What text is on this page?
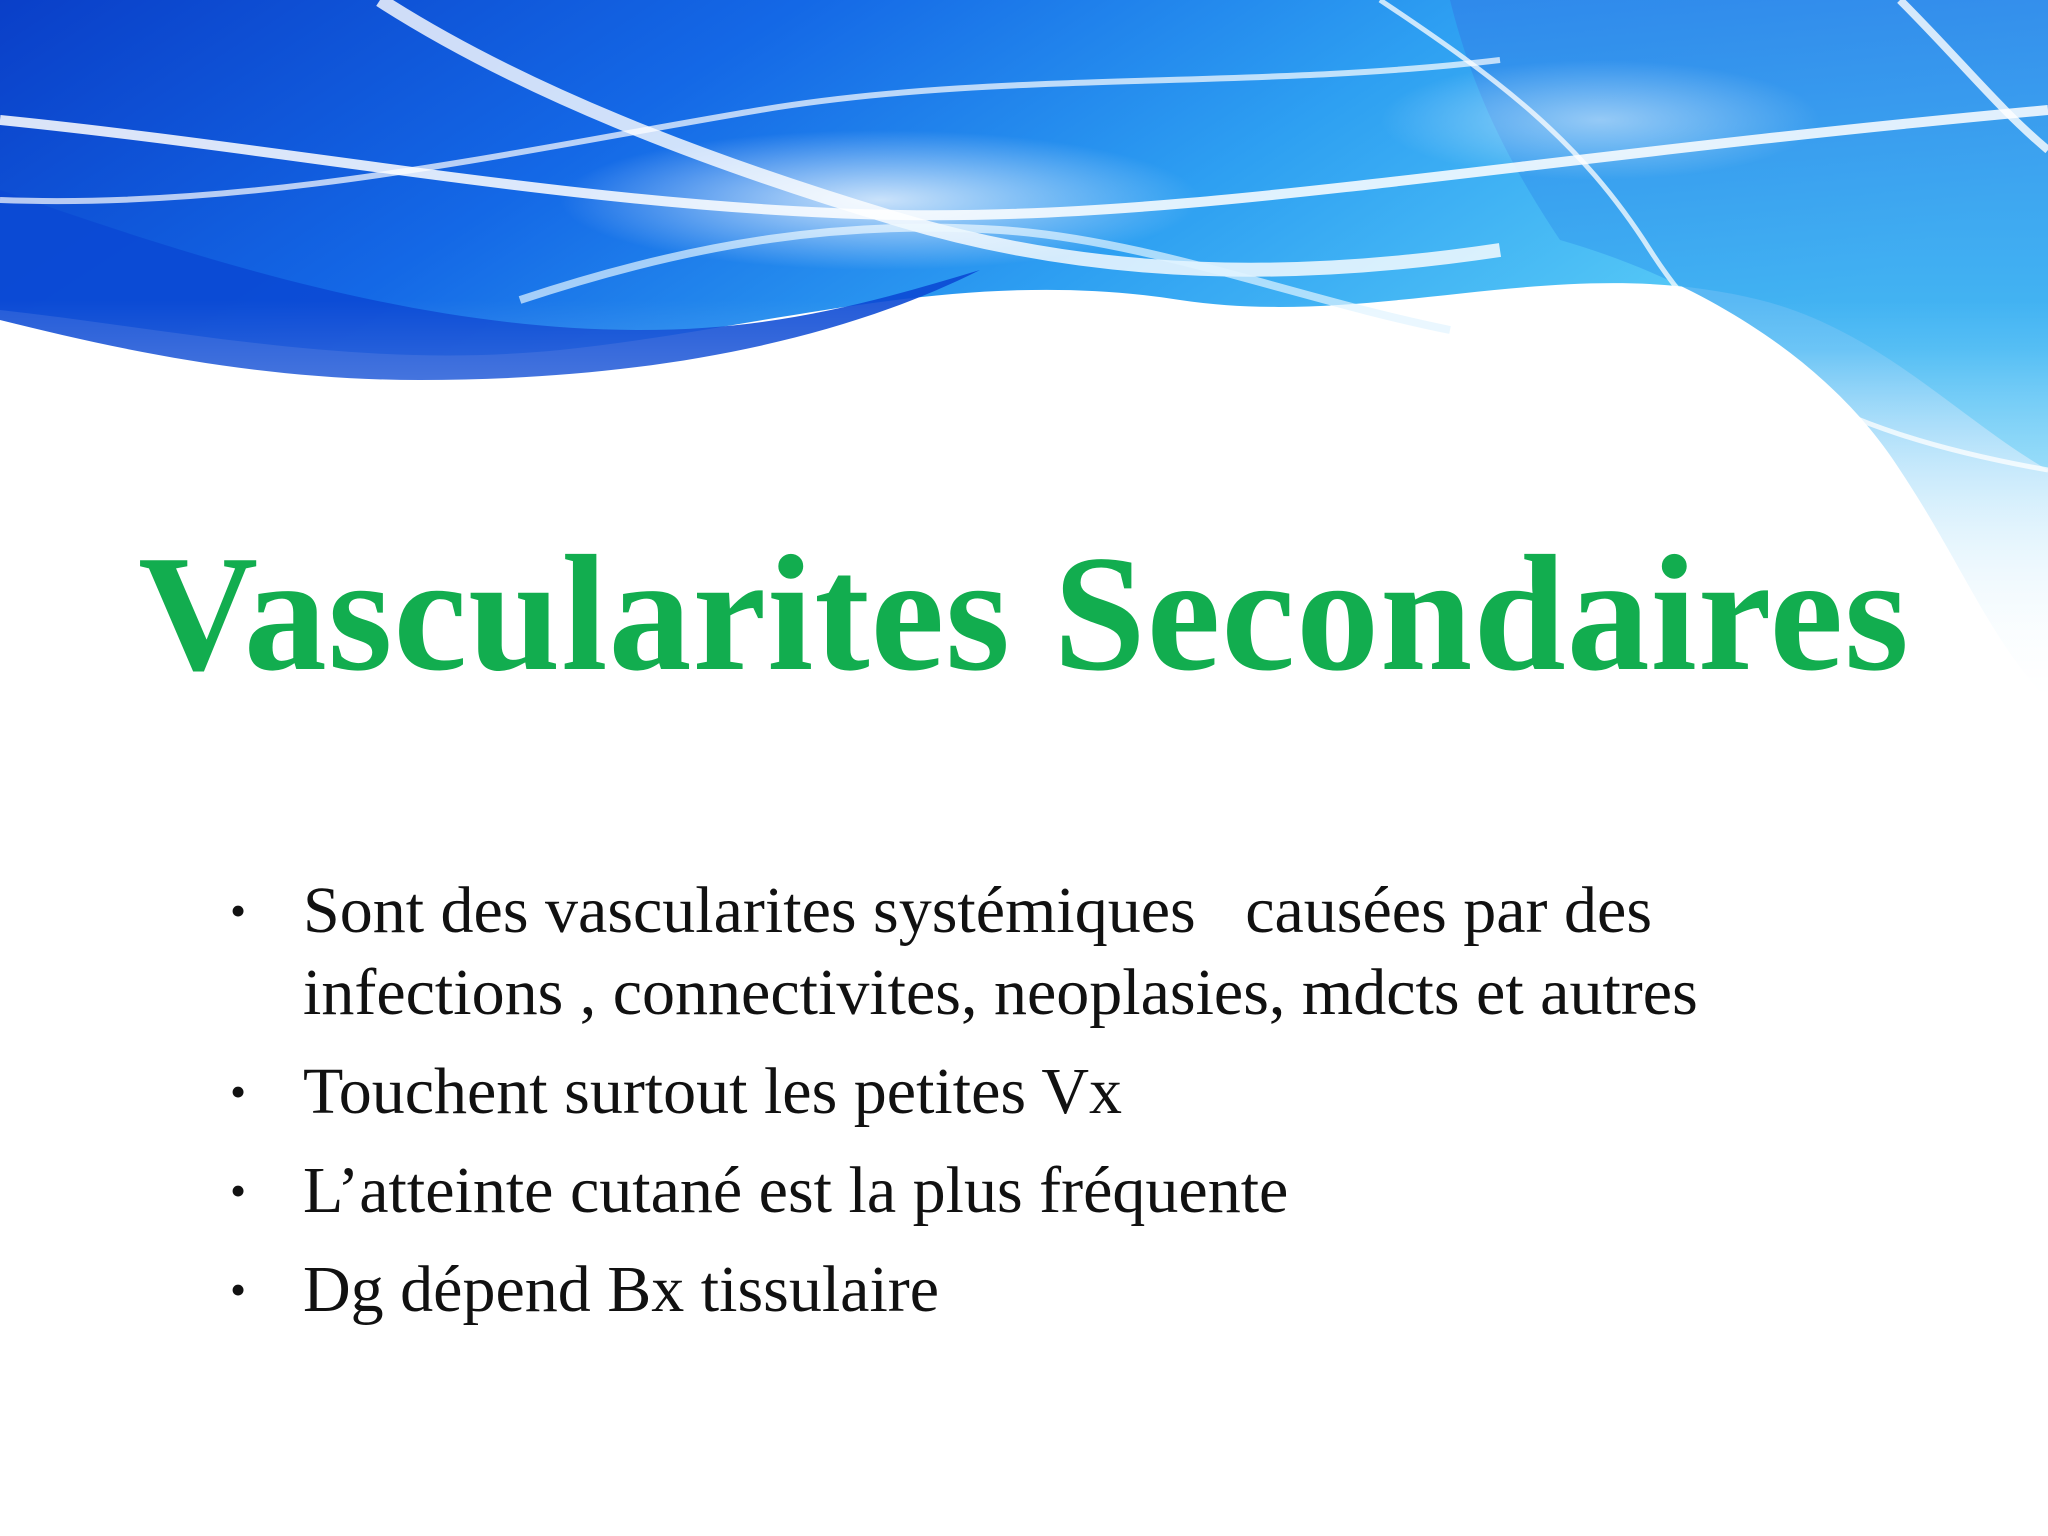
Vascularites Secondaires
• Sont des vascularites systémiques   causées par des infections , connectivites, neoplasies, mdcts et autres
• Touchent surtout les petites Vx
• L’atteinte cutané est la plus fréquente
• Dg dépend Bx tissulaire
